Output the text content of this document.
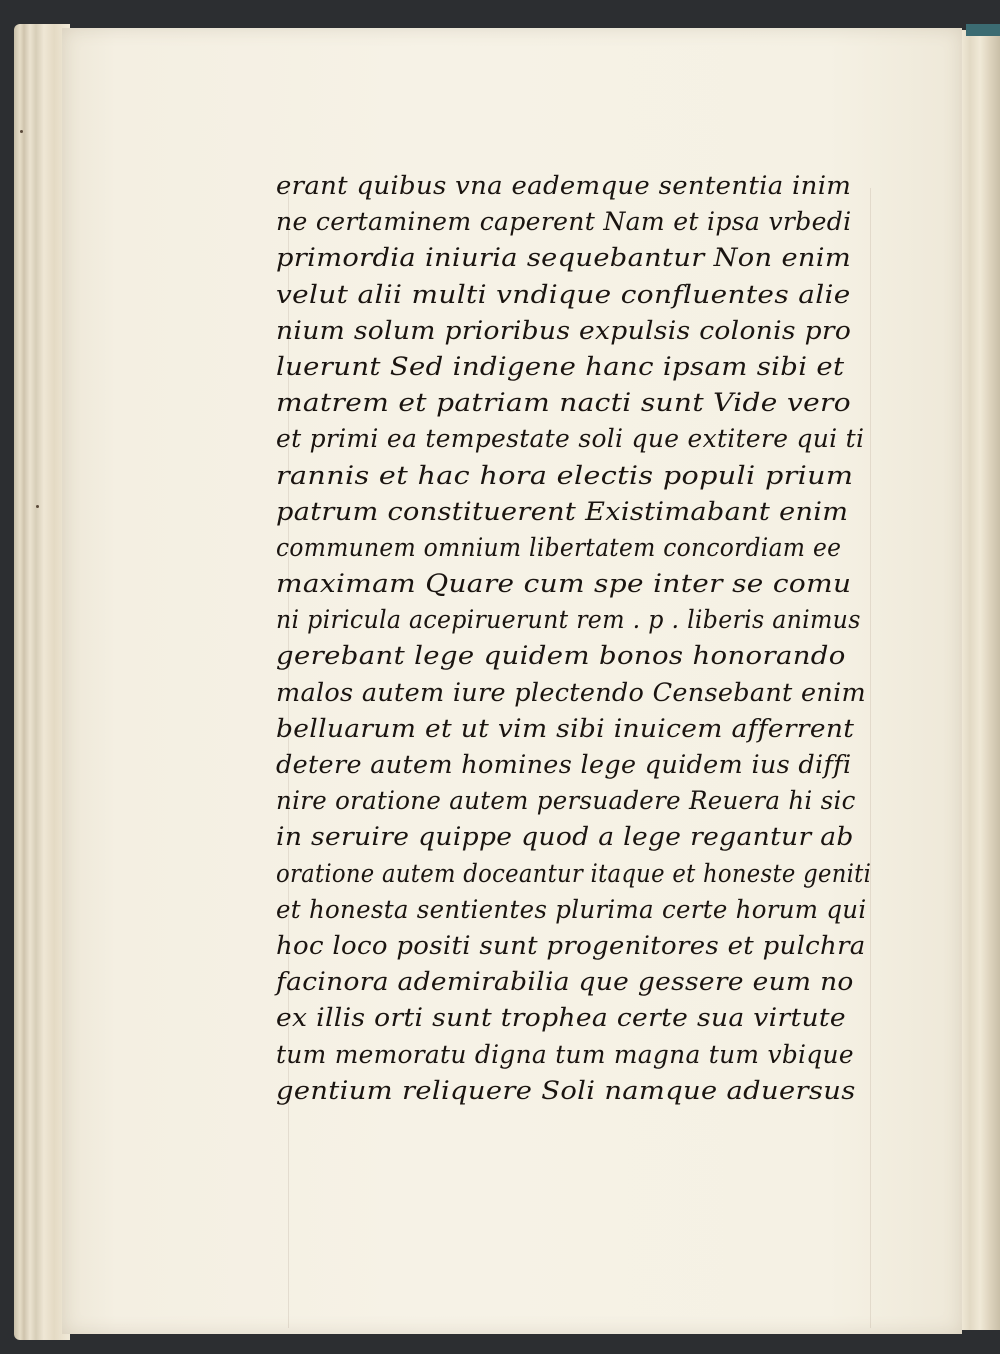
erant quibus vna eademque sententia inim
ne certaminem caperent Nam et ipsa vrbedi
primordia iniuria sequebantur Non enim
velut alii multi vndique confluentes alie
nium solum prioribus expulsis colonis pro
luerunt Sed indigene hanc ipsam sibi et
matrem et patriam nacti sunt Vide vero
et primi ea tempestate soli que extitere qui ti
rannis et hac hora electis populi prium
patrum constituerent Existimabant enim
communem omnium libertatem concordiam ee
maximam Quare cum spe inter se comu
ni piricula acepiruerunt rem . p . liberis animus
gerebant lege quidem bonos honorando
malos autem iure plectendo Censebant enim
belluarum et ut vim sibi inuicem afferrent
detere autem homines lege quidem ius diffi
nire oratione autem persuadere Reuera hi sic
in seruire quippe quod a lege regantur ab
oratione autem doceantur itaque et honeste geniti
et honesta sentientes plurima certe horum qui
hoc loco positi sunt progenitores et pulchra
facinora ademirabilia que gessere eum no
ex illis orti sunt trophea certe sua virtute
tum memoratu digna tum magna tum vbique
gentium reliquere Soli namque aduersus
